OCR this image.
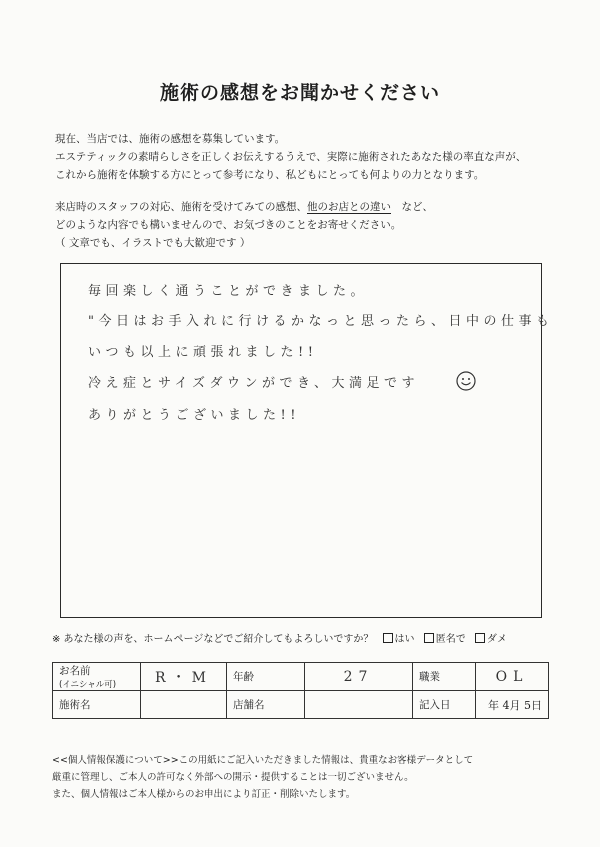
施術の感想をお聞かせください
現在、当店では、施術の感想を募集しています。
エステティックの素晴らしさを正しくお伝えするうえで、実際に施術されたあなた様の率直な声が、
これから施術を体験する方にとって参考になり、私どもにとっても何よりの力となります。
来店時のスタッフの対応、施術を受けてみての感想、他のお店との違い　 など、
どのような内容でも構いませんので、お気づきのことをお寄せください。
（ 文章でも、イラストでも大歓迎です ）
毎回楽しく通うことができました。
"今日はお手入れに行けるかなっと思ったら、日中の仕事も
いつも以上に頑張れました!!
冷え症とサイズダウンができ、大満足です
ありがとうございました!!
※ あなた様の声を、ホームページなどでご紹介してもよろしいですか？ はい 匿名で ダメ
お名前
(イニシャル可)	R・M	年齢	27	職業	OL
施術名		店舗名		記入日	年 4月 5日
<<個人情報保護について>>この用紙にご記入いただきました情報は、貴重なお客様データとして
厳重に管理し、ご本人の許可なく外部への開示・提供することは一切ございません。
また、個人情報はご本人様からのお申出により訂正・削除いたします。
